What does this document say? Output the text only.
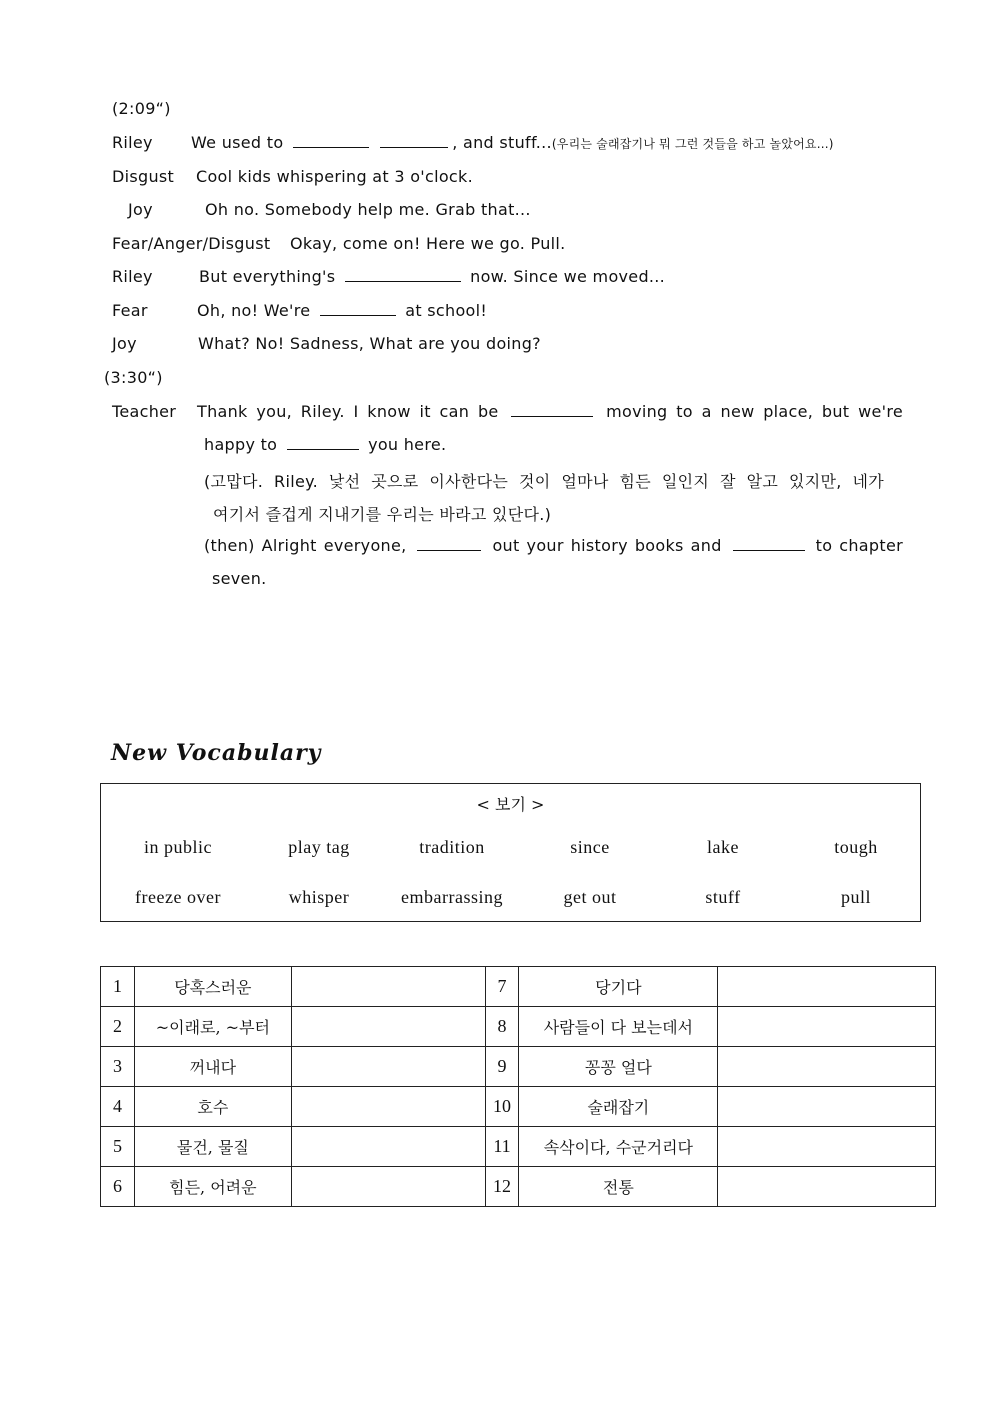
(2:09“)
Riley We used to	, and stuff...(우리는 술래잡기나 뭐 그런 것들을 하고 놀았어요...)
Disgust Cool kids whispering at 3 o'clock.
Joy	Oh no. Somebody help me. Grab that...
Fear/Anger/Disgust Okay, come on! Here we go. Pull.
Riley	But everything's	now. Since we moved...
Fear	Oh, no! We're	at school!
Joy	What? No! Sadness, What are you doing?
(3:30“)
Teacher Thank you, Riley. I know it can be	moving to a new place, but we're
happy to	you here.
(고맙다. Riley. 낯선 곳으로 이사한다는 것이 얼마나 힘든 일인지 잘 알고 있지만, 네가
여기서 즐겁게 지내기를 우리는 바라고 있단다.)
(then) Alright everyone,	out your history books and	to chapter
seven.
New Vocabulary
< 보기 >
in public	play tag	tradition	since	lake	tough
freeze over	whisper	embarrassing	get out	stuff	pull
1	당혹스러운		7	당기다	
2	~이래로, ~부터		8	사람들이 다 보는데서	
3	꺼내다		9	꽁꽁 얼다	
4	호수		10	술래잡기	
5	물건, 물질		11	속삭이다, 수군거리다	
6	힘든, 어려운		12	전통	
